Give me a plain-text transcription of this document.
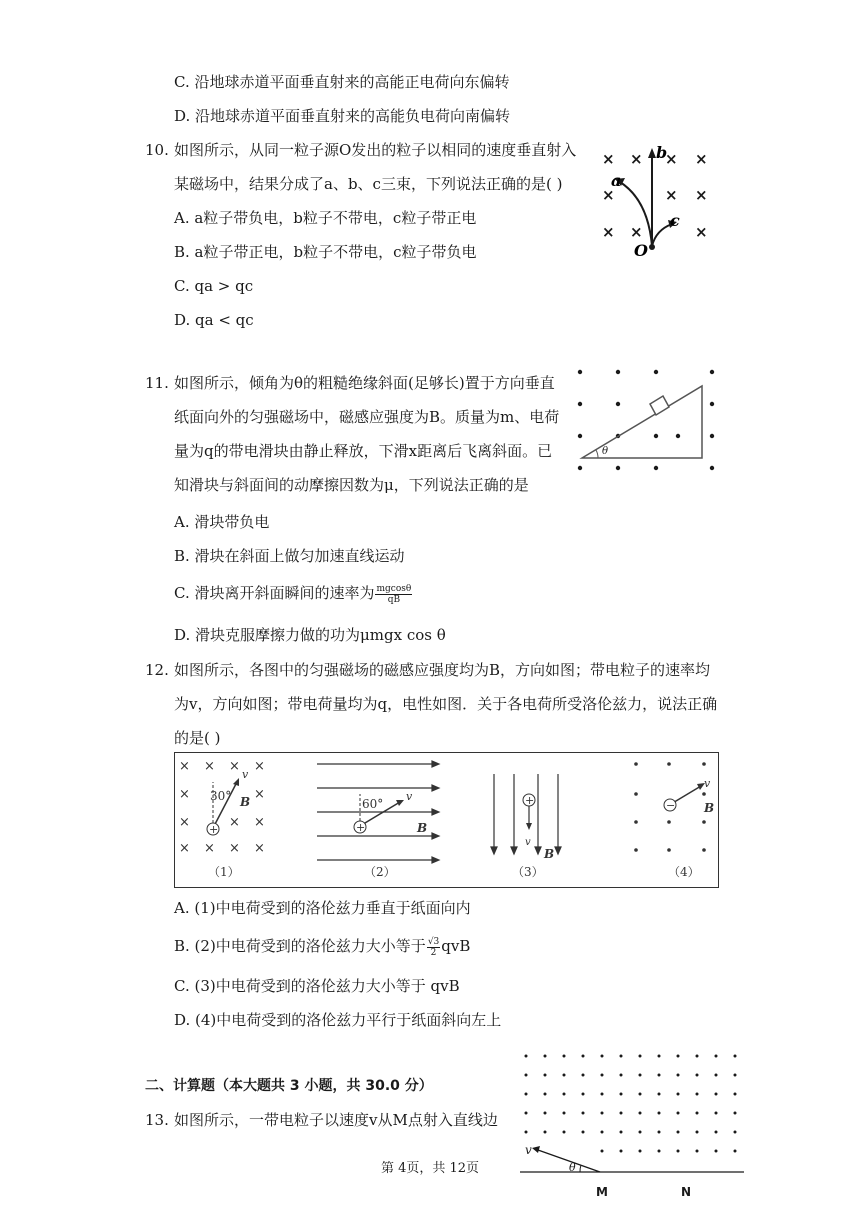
C. 沿地球赤道平面垂直射来的高能正电荷向东偏转
D. 沿地球赤道平面垂直射来的高能负电荷向南偏转
10. 如图所示，从同一粒子源O发出的粒子以相同的速度垂直射入
某磁场中，结果分成了a、b、c三束，下列说法正确的是( )
A. a粒子带负电，b粒子不带电，c粒子带正电
B. a粒子带正电，b粒子不带电，c粒子带负电
C. qa > qc
D. qa < qc
× × × ×
×	×
×
× ×	×
a
b
c
O
11. 如图所示，倾角为θ的粗糙绝缘斜面(足够长)置于方向垂直
纸面向外的匀强磁场中，磁感应强度为B。质量为m、电荷
量为q的带电滑块由静止释放，下滑x距离后飞离斜面。已
知滑块与斜面间的动摩擦因数为μ，下列说法正确的是
A. 滑块带负电
B. 滑块在斜面上做匀加速直线运动
C. 滑块离开斜面瞬间的速率为 $\frac{mgcos\theta}{qB}$
D. 滑块克服摩擦力做的功为μmgx cos θ
θ
12. 如图所示，各图中的匀强磁场的磁感应强度均为B，方向如图；带电粒子的速率均
为v，方向如图；带电荷量均为q，电性如图．关于各电荷所受洛伦兹力，说法正确
的是( )
× × × ×
×	×
×	× ×
× × × ×
+
30°
v
B
（1）
+
60°
v
B
（2）
+
v
B
（3）
−
v
B
（4）
A. (1)中电荷受到的洛伦兹力垂直于纸面向内
B. (2)中电荷受到的洛伦兹力大小等于 $\frac{√3}{2}$ qvB
C. (3)中电荷受到的洛伦兹力大小等于 qvB
D. (4)中电荷受到的洛伦兹力平行于纸面斜向左上
二、计算题（本大题共 3 小题，共 30.0 分）
13. 如图所示，一带电粒子以速度v从M点射入直线边
v
θ
M	N
第 4页，共 12页
